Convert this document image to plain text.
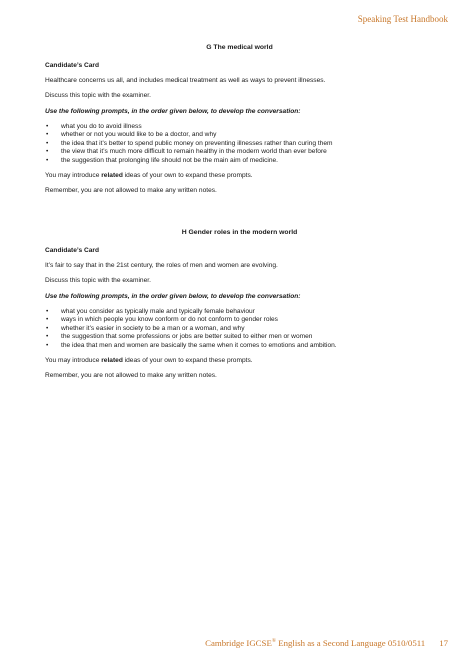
Speaking Test Handbook
G The medical world
Candidate’s Card

Healthcare concerns us all, and includes medical treatment as well as ways to prevent illnesses.

Discuss this topic with the examiner.

Use the following prompts, in the order given below, to develop the conversation:
• what you do to avoid illness
• whether or not you would like to be a doctor, and why
• the idea that it’s better to spend public money on preventing illnesses rather than curing them
• the view that it’s much more difficult to remain healthy in the modern world than ever before
• the suggestion that prolonging life should not be the main aim of medicine.

You may introduce related ideas of your own to expand these prompts.

Remember, you are not allowed to make any written notes.

H Gender roles in the modern world
Candidate’s Card

It’s fair to say that in the 21st century, the roles of men and women are evolving.

Discuss this topic with the examiner.

Use the following prompts, in the order given below, to develop the conversation:
• what you consider as typically male and typically female behaviour
• ways in which people you know conform or do not conform to gender roles
• whether it’s easier in society to be a man or a woman, and why
• the suggestion that some professions or jobs are better suited to either men or women
• the idea that men and women are basically the same when it comes to emotions and ambition.

You may introduce related ideas of your own to expand these prompts.

Remember, you are not allowed to make any written notes.

Cambridge IGCSE® English as a Second Language 0510/0511 17
